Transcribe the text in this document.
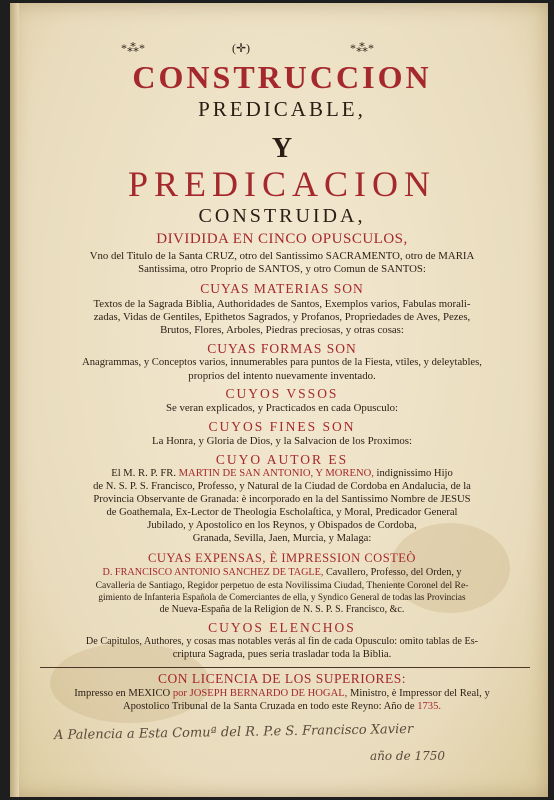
*⁂*	(✛)	*⁂*

CONSTRUCCION

PREDICABLE,

Y

PREDICACION

CONSTRUIDA,

DIVIDIDA EN CINCO OPUSCULOS,

Vno del Titulo de la Santa CRUZ, otro del Santissimo SACRAMENTO, otro de MARIA

Santissima, otro Proprio de SANTOS, y otro Comun de SANTOS:

CUYAS MATERIAS SON

Textos de la Sagrada Biblia, Authoridades de Santos, Exemplos varios, Fabulas morali-

zadas, Vidas de Gentiles, Epithetos Sagrados, y Profanos, Propriedades de Aves, Pezes,

Brutos, Flores, Arboles, Piedras preciosas, y otras cosas:

CUYAS FORMAS SON

Anagrammas, y Conceptos varios, innumerables para puntos de la Fiesta, vtiles, y deleytables,

proprios del intento nuevamente inventado.

CUYOS VSSOS

Se veran explicados, y Practicados en cada Opusculo:

CUYOS FINES SON

La Honra, y Gloria de Dios, y la Salvacion de los Proximos:

CUYO AUTOR ES

El M. R. P. FR. MARTIN DE SAN ANTONIO, Y MORENO, indignissimo Hijo

de N. S. P. S. Francisco, Professo, y Natural de la Ciudad de Cordoba en Andalucia, de la

Provincia Observante de Granada: è incorporado en la del Santissimo Nombre de JESUS

de Goathemala, Ex-Lector de Theologia Escholaſtica, y Moral, Predicador General

Jubilado, y Apostolico en los Reynos, y Obispados de Cordoba,

Granada, Sevilla, Jaen, Murcia, y Malaga:

CUYAS EXPENSAS, È IMPRESSION COSTEÒ

D. FRANCISCO ANTONIO SANCHEZ DE TAGLE, Cavallero, Professo, del Orden, y

Cavalleria de Santiago, Regidor perpetuo de esta Novilissima Ciudad, Theniente Coronel del Re-

gimiento de Infanteria Española de Comerciantes de ella, y Syndico General de todas las Provincias

de Nueva-España de la Religion de N. S. P. S. Francisco, &c.

CUYOS ELENCHOS

De Capitulos, Authores, y cosas mas notables verás al fin de cada Opusculo: omito tablas de Es-

criptura Sagrada, pues seria trasladar toda la Biblia.

CON LICENCIA DE LOS SUPERIORES:

Impresso en MEXICO por JOSEPH BERNARDO DE HOGAL, Ministro, è Impressor del Real, y

Apostolico Tribunal de la Santa Cruzada en todo este Reyno: Año de 1735.

A Palencia a Esta Comuª del R. P.e S. Francisco Xavier
año de 1750
